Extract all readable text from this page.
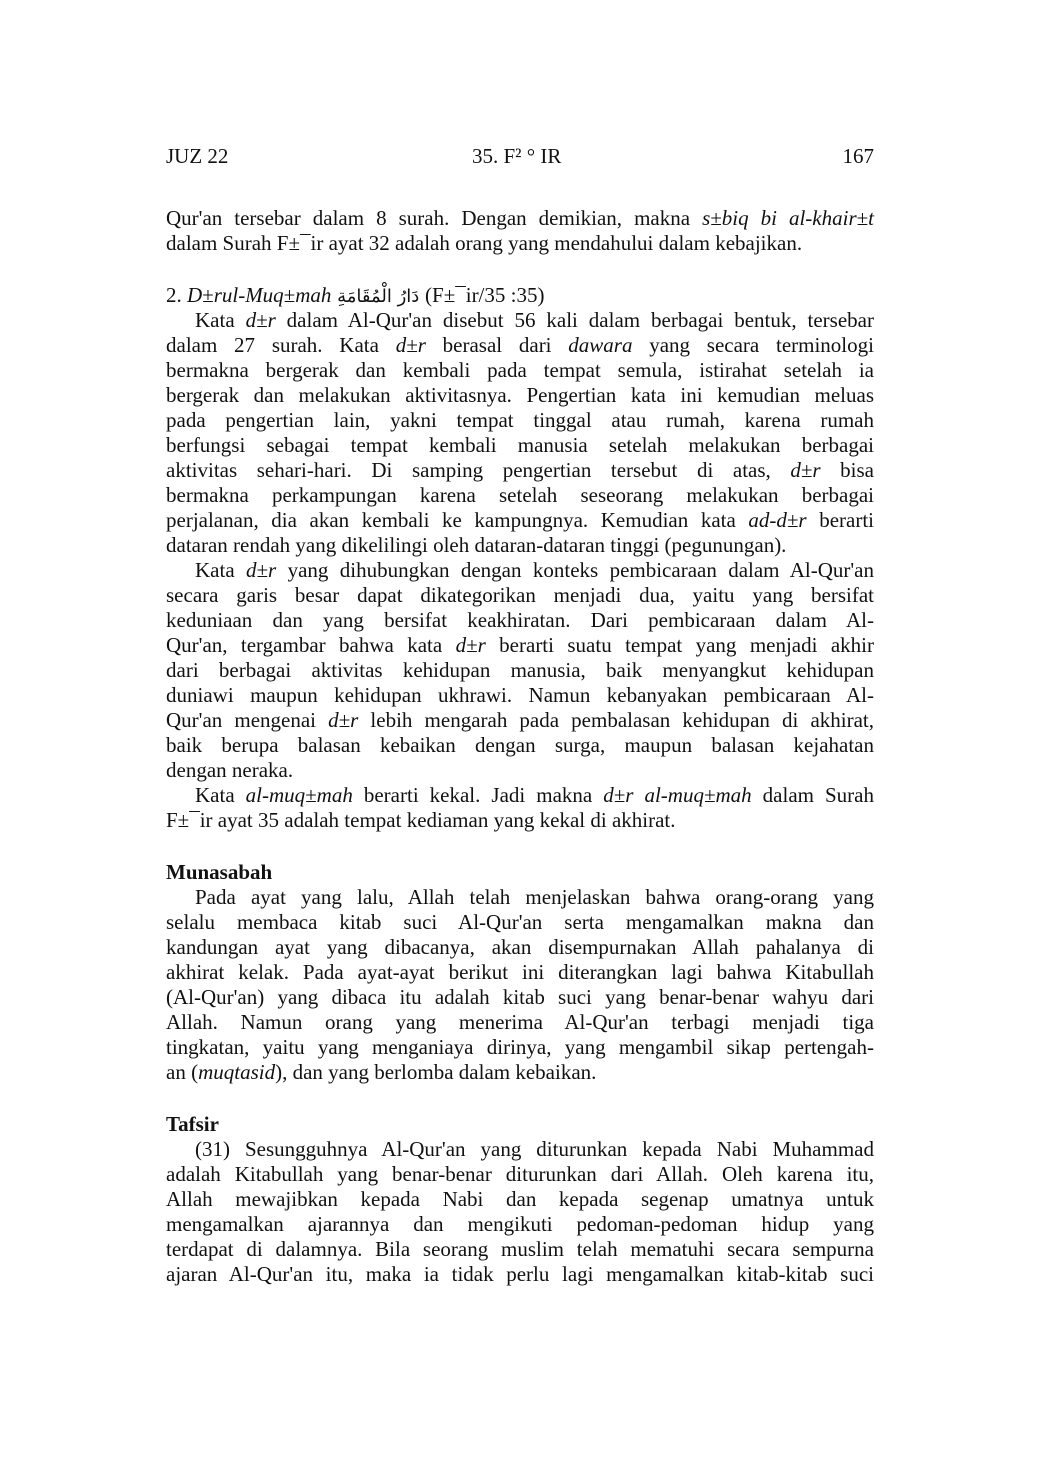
JUZ 22	35. F² ° IR	167
Qur'an tersebar dalam 8 surah. Dengan demikian, makna s±biq bi al-khair±t
dalam Surah F±¯ir ayat 32 adalah orang yang mendahului dalam kebajikan.
2. D±rul-Muq±mah دَارُ الْمُقَامَةِ (F±¯ir/35 :35)
Kata d±r dalam Al-Qur'an disebut 56 kali dalam berbagai bentuk, tersebar
dalam 27 surah. Kata d±r berasal dari dawara yang secara terminologi
bermakna bergerak dan kembali pada tempat semula, istirahat setelah ia
bergerak dan melakukan aktivitasnya. Pengertian kata ini kemudian meluas
pada pengertian lain, yakni tempat tinggal atau rumah, karena rumah
berfungsi sebagai tempat kembali manusia setelah melakukan berbagai
aktivitas sehari-hari. Di samping pengertian tersebut di atas, d±r bisa
bermakna perkampungan karena setelah seseorang melakukan berbagai
perjalanan, dia akan kembali ke kampungnya. Kemudian kata ad-d±r berarti
dataran rendah yang dikelilingi oleh dataran-dataran tinggi (pegunungan).
Kata d±r yang dihubungkan dengan konteks pembicaraan dalam Al-Qur'an
secara garis besar dapat dikategorikan menjadi dua, yaitu yang bersifat
keduniaan dan yang bersifat keakhiratan. Dari pembicaraan dalam Al-
Qur'an, tergambar bahwa kata d±r berarti suatu tempat yang menjadi akhir
dari berbagai aktivitas kehidupan manusia, baik menyangkut kehidupan
duniawi maupun kehidupan ukhrawi. Namun kebanyakan pembicaraan Al-
Qur'an mengenai d±r lebih mengarah pada pembalasan kehidupan di akhirat,
baik berupa balasan kebaikan dengan surga, maupun balasan kejahatan
dengan neraka.
Kata al-muq±mah berarti kekal. Jadi makna d±r al-muq±mah dalam Surah
F±¯ir ayat 35 adalah tempat kediaman yang kekal di akhirat.
Munasabah
Pada ayat yang lalu, Allah telah menjelaskan bahwa orang-orang yang
selalu membaca kitab suci Al-Qur'an serta mengamalkan makna dan
kandungan ayat yang dibacanya, akan disempurnakan Allah pahalanya di
akhirat kelak. Pada ayat-ayat berikut ini diterangkan lagi bahwa Kitabullah
(Al-Qur'an) yang dibaca itu adalah kitab suci yang benar-benar wahyu dari
Allah. Namun orang yang menerima Al-Qur'an terbagi menjadi tiga
tingkatan, yaitu yang menganiaya dirinya, yang mengambil sikap pertengah-
an (muqtasid), dan yang berlomba dalam kebaikan.
Tafsir
(31) Sesungguhnya Al-Qur'an yang diturunkan kepada Nabi Muhammad
adalah Kitabullah yang benar-benar diturunkan dari Allah. Oleh karena itu,
Allah mewajibkan kepada Nabi dan kepada segenap umatnya untuk
mengamalkan ajarannya dan mengikuti pedoman-pedoman hidup yang
terdapat di dalamnya. Bila seorang muslim telah mematuhi secara sempurna
ajaran Al-Qur'an itu, maka ia tidak perlu lagi mengamalkan kitab-kitab suci
